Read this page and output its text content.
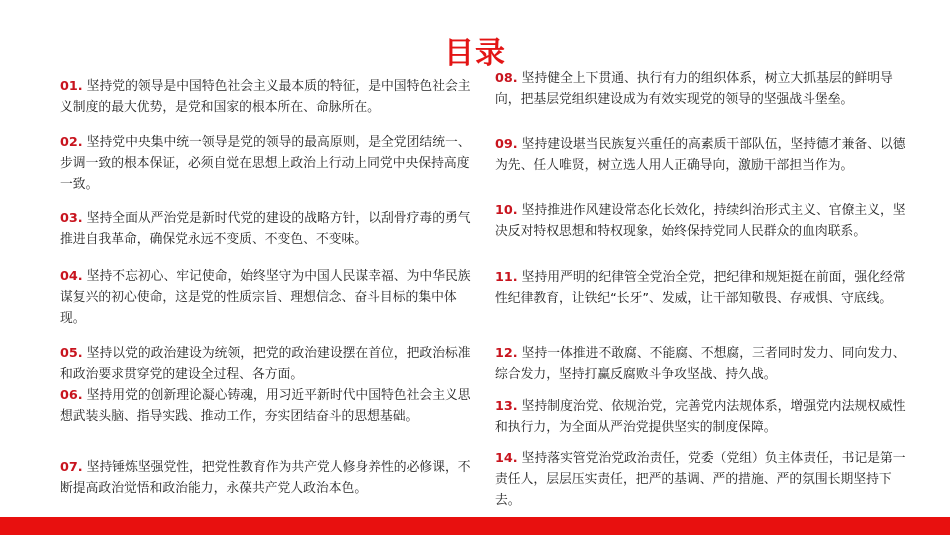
目录
01. 坚持党的领导是中国特色社会主义最本质的特征，是中国特色社会主义制度的最大优势，是党和国家的根本所在、命脉所在。
02. 坚持党中央集中统一领导是党的领导的最高原则，是全党团结统一、步调一致的根本保证，必须自觉在思想上政治上行动上同党中央保持高度一致。
03. 坚持全面从严治党是新时代党的建设的战略方针，以刮骨疗毒的勇气推进自我革命，确保党永远不变质、不变色、不变味。
04. 坚持不忘初心、牢记使命，始终坚守为中国人民谋幸福、为中华民族谋复兴的初心使命，这是党的性质宗旨、理想信念、奋斗目标的集中体现。
05. 坚持以党的政治建设为统领，把党的政治建设摆在首位，把政治标准和政治要求贯穿党的建设全过程、各方面。
06. 坚持用党的创新理论凝心铸魂，用习近平新时代中国特色社会主义思想武装头脑、指导实践、推动工作，夯实团结奋斗的思想基础。
07. 坚持锤炼坚强党性，把党性教育作为共产党人修身养性的必修课，不断提高政治觉悟和政治能力，永葆共产党人政治本色。
08. 坚持健全上下贯通、执行有力的组织体系，树立大抓基层的鲜明导向，把基层党组织建设成为有效实现党的领导的坚强战斗堡垒。
09. 坚持建设堪当民族复兴重任的高素质干部队伍，坚持德才兼备、以德为先、任人唯贤，树立选人用人正确导向，激励干部担当作为。
10. 坚持推进作风建设常态化长效化，持续纠治形式主义、官僚主义，坚决反对特权思想和特权现象，始终保持党同人民群众的血肉联系。
11. 坚持用严明的纪律管全党治全党，把纪律和规矩挺在前面，强化经常性纪律教育，让铁纪“长牙”、发威，让干部知敬畏、存戒惧、守底线。
12. 坚持一体推进不敢腐、不能腐、不想腐，三者同时发力、同向发力、综合发力，坚持打赢反腐败斗争攻坚战、持久战。
13. 坚持制度治党、依规治党，完善党内法规体系，增强党内法规权威性和执行力，为全面从严治党提供坚实的制度保障。
14. 坚持落实管党治党政治责任，党委（党组）负主体责任，书记是第一责任人，层层压实责任，把严的基调、严的措施、严的氛围长期坚持下去。
